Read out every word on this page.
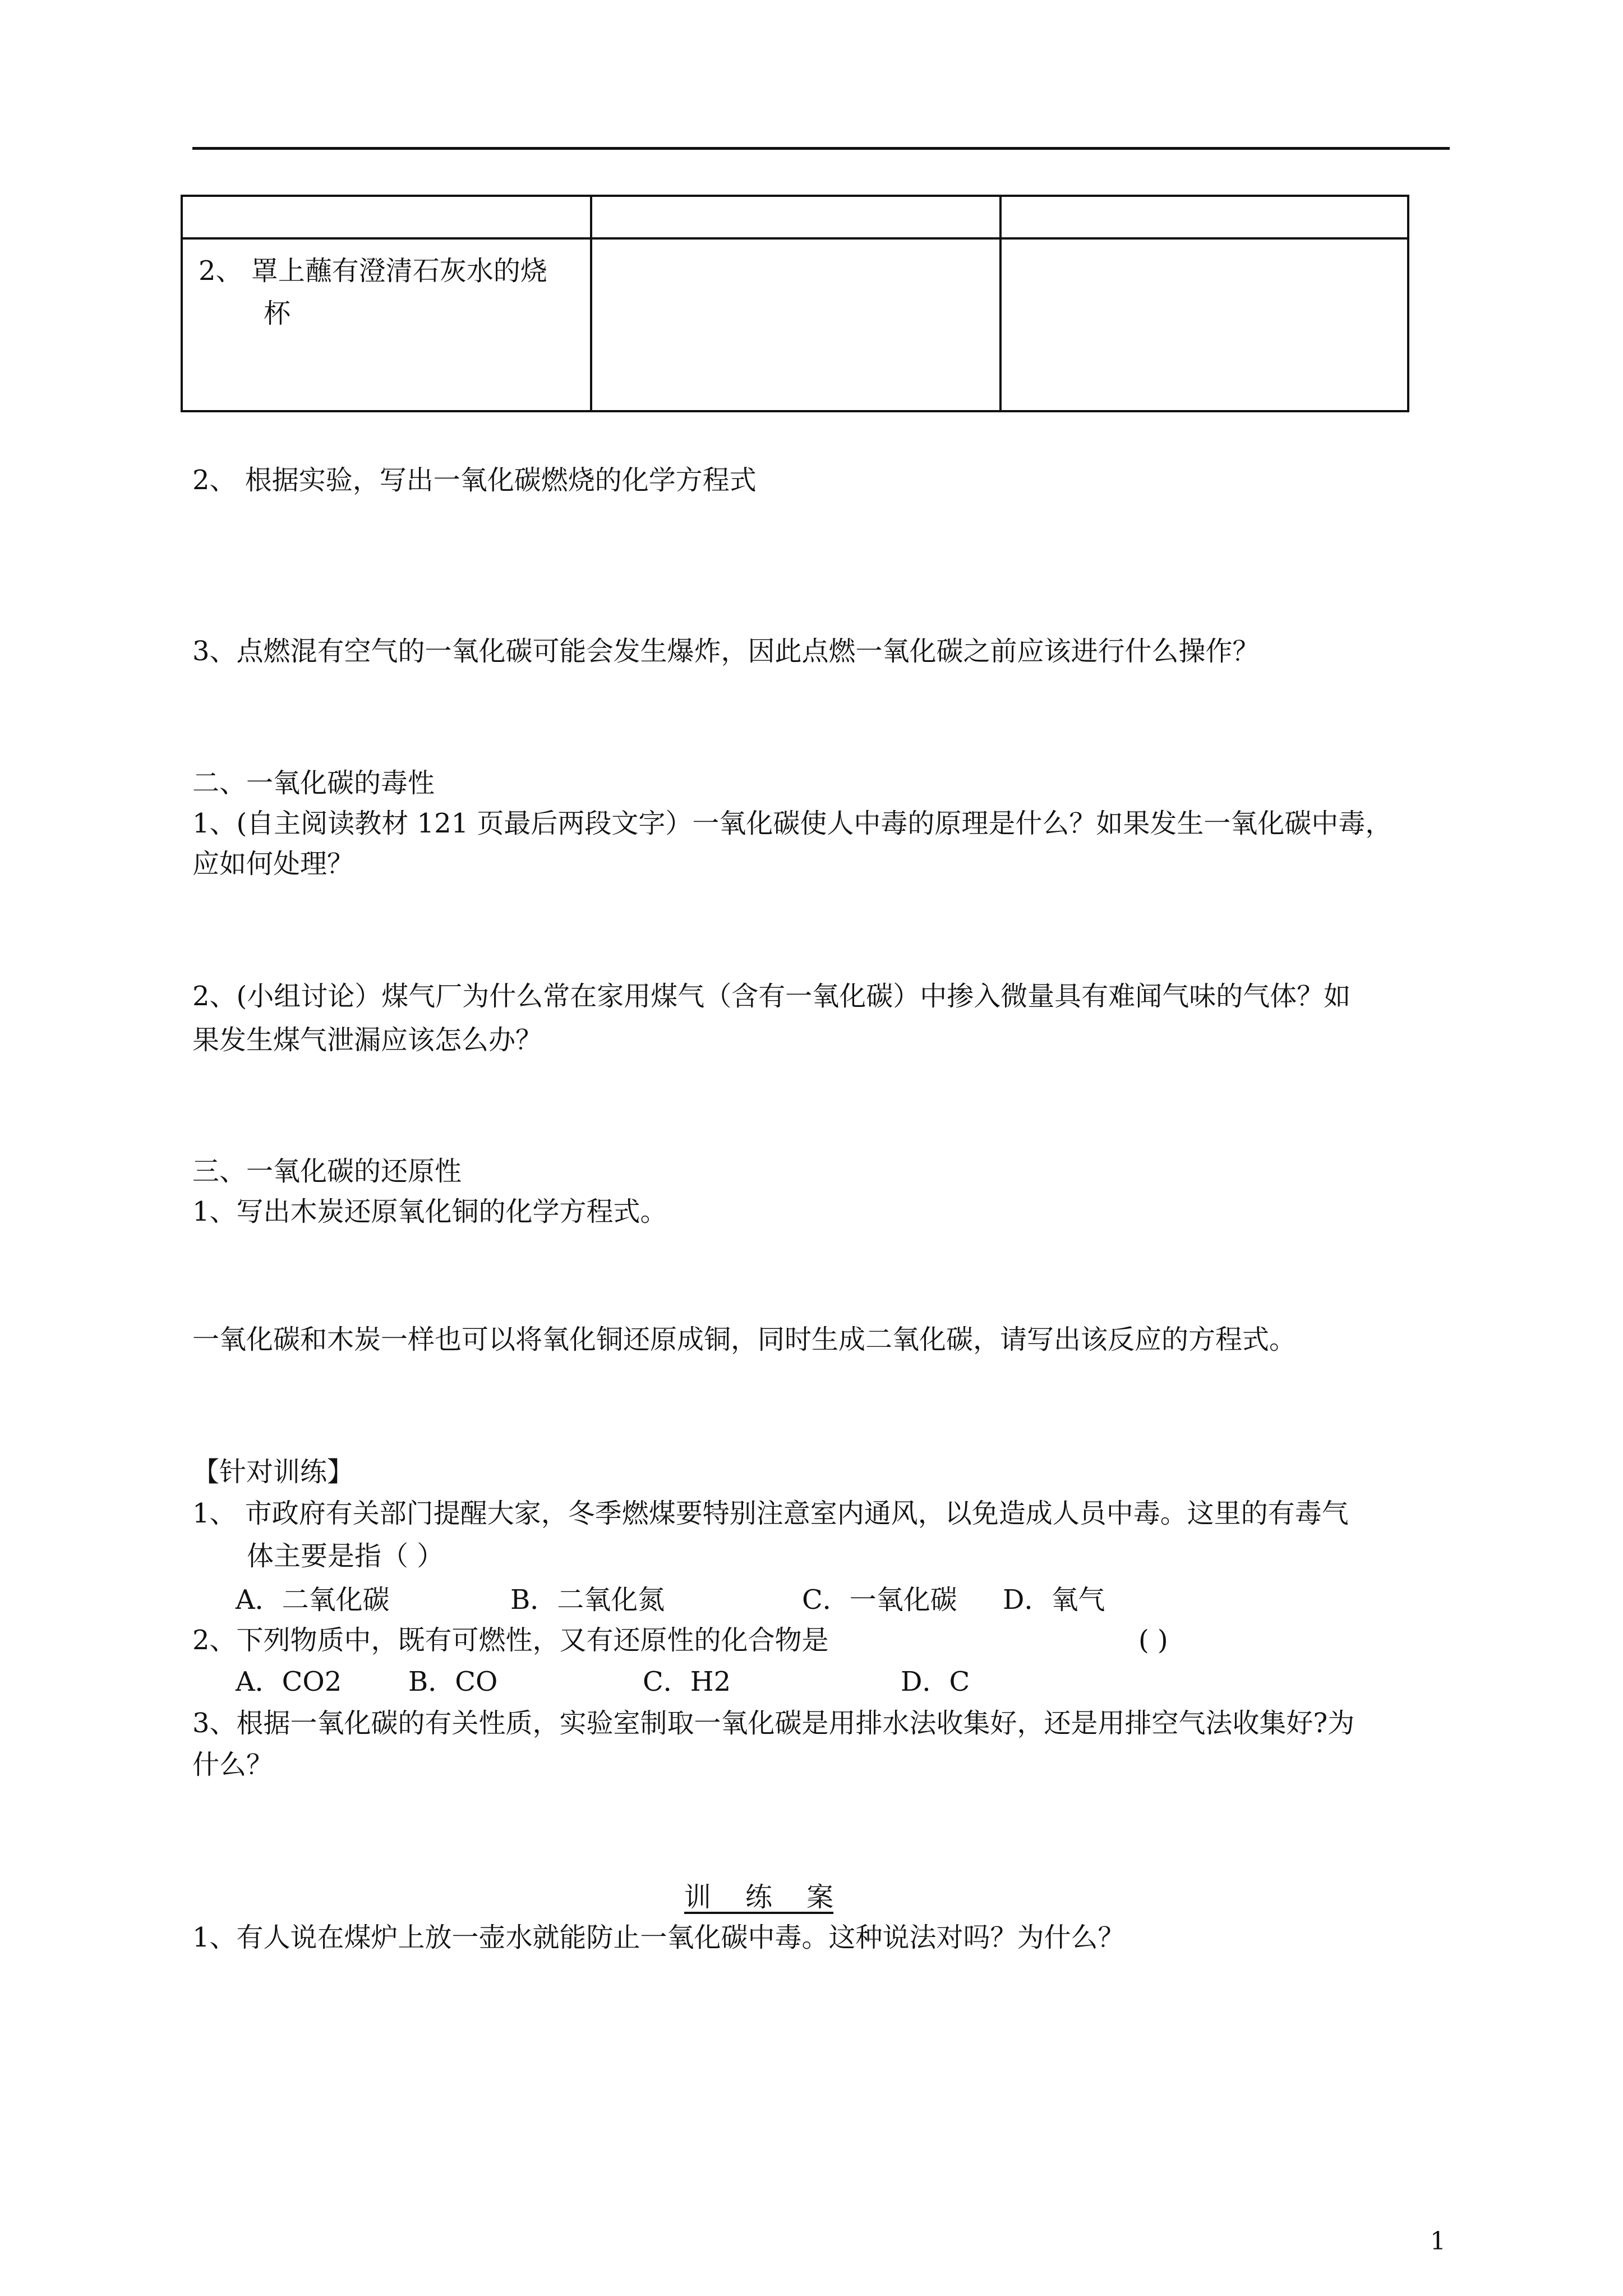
2、 罩上蘸有澄清石灰水的烧
杯		

2、 根据实验，写出一氧化碳燃烧的化学方程式
3、点燃混有空气的一氧化碳可能会发生爆炸，因此点燃一氧化碳之前应该进行什么操作？
二、一氧化碳的毒性
1、(自主阅读教材 121 页最后两段文字）一氧化碳使人中毒的原理是什么？如果发生一氧化碳中毒，
应如何处理？
2、(小组讨论）煤气厂为什么常在家用煤气（含有一氧化碳）中掺入微量具有难闻气味的气体？如
果发生煤气泄漏应该怎么办？
三、一氧化碳的还原性
1、写出木炭还原氧化铜的化学方程式。
一氧化碳和木炭一样也可以将氧化铜还原成铜，同时生成二氧化碳，请写出该反应的方程式。
【针对训练】
1、 市政府有关部门提醒大家，冬季燃煤要特别注意室内通风，以免造成人员中毒。这里的有毒气
体主要是指（ ）
A．二氧化碳	B．二氧化氮	C．一氧化碳 D．氧气
2、下列物质中，既有可燃性，又有还原性的化合物是	( )
A．CO2 B．CO	C．H2	D．C
3、根据一氧化碳的有关性质，实验室制取一氧化碳是用排水法收集好，还是用排空气法收集好?为
什么？
训    练    案
1、有人说在煤炉上放一壶水就能防止一氧化碳中毒。这种说法对吗？为什么？
1
